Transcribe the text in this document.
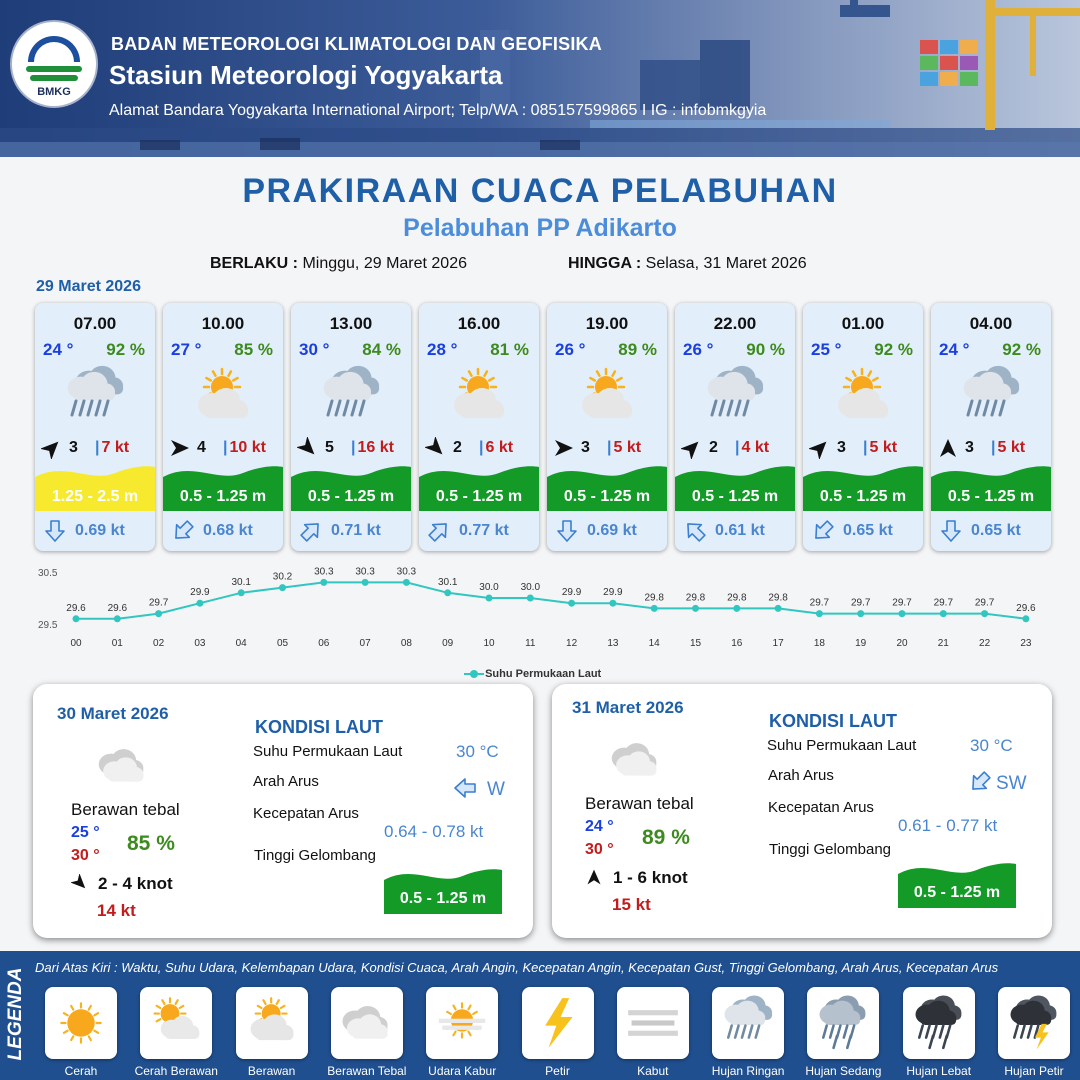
BMKG
BADAN METEOROLOGI KLIMATOLOGI DAN GEOFISIKA
Stasiun Meteorologi Yogyakarta
Alamat Bandara Yogyakarta International Airport; Telp/WA : 085157599865 I IG : infobmkgyia
PRAKIRAAN CUACA PELABUHAN
Pelabuhan PP Adikarto
BERLAKU : Minggu, 29 Maret 2026	HINGGA : Selasa, 31 Maret 2026
29 Maret 2026
07.00
24 ° 92 %
3 | 7 kt
1.25 - 2.5 m
0.69 kt
10.00
27 ° 85 %
4 | 10 kt
0.5 - 1.25 m
0.68 kt
13.00
30 ° 84 %
5 | 16 kt
0.5 - 1.25 m
0.71 kt
16.00
28 ° 81 %
2 | 6 kt
0.5 - 1.25 m
0.77 kt
19.00
26 ° 89 %
3 | 5 kt
0.5 - 1.25 m
0.69 kt
22.00
26 ° 90 %
2 | 4 kt
0.5 - 1.25 m
0.61 kt
01.00
25 ° 92 %
3 | 5 kt
0.5 - 1.25 m
0.65 kt
04.00
24 ° 92 %
3 | 5 kt
0.5 - 1.25 m
0.65 kt
30.5
29.5
29.6
00
29.6
01
29.7
02
29.9
03
30.1
04
30.2
05
30.3
06
30.3
07
30.3
08
30.1
09
30.0
10
30.0
11
29.9
12
29.9
13
29.8
14
29.8
15
29.8
16
29.8
17
29.7
18
29.7
19
29.7
20
29.7
21
29.7
22
29.6
23
Suhu Permukaan Laut
30 Maret 2026
Berawan tebal
25 °
30 °
85 %
2 - 4 knot
14 kt
KONDISI LAUT
Suhu Permukaan Laut	30 °C
Arah Arus	W
Kecepatan Arus
0.64 - 0.78 kt
Tinggi Gelombang
0.5 - 1.25 m
31 Maret 2026
Berawan tebal
24 °
30 °
89 %
1 - 6 knot
15 kt
KONDISI LAUT
Suhu Permukaan Laut	30 °C
Arah Arus	SW
Kecepatan Arus
0.61 - 0.77 kt
Tinggi Gelombang
0.5 - 1.25 m
LEGENDA
Dari Atas Kiri : Waktu, Suhu Udara, Kelembapan Udara, Kondisi Cuaca, Arah Angin, Kecepatan Angin, Kecepatan Gust, Tinggi Gelombang, Arah Arus, Kecepatan Arus
Cerah	Cerah Berawan	Berawan	Berawan Tebal	Udara Kabur	Petir	Kabut	Hujan Ringan	Hujan Sedang	Hujan Lebat	Hujan Petir
